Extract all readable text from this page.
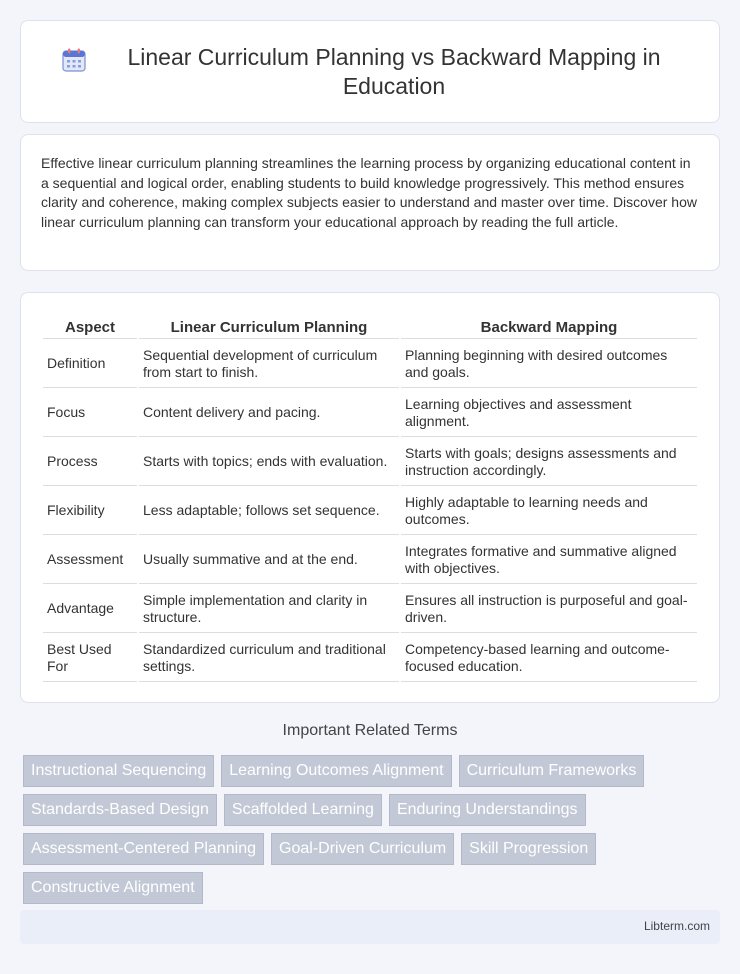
Linear Curriculum Planning vs Backward Mapping in Education

Effective linear curriculum planning streamlines the learning process by organizing educational content in a sequential and logical order, enabling students to build knowledge progressively. This method ensures clarity and coherence, making complex subjects easier to understand and master over time. Discover how linear curriculum planning can transform your educational approach by reading the full article.

Aspect	Linear Curriculum Planning	Backward Mapping
Definition	Sequential development of curriculum from start to finish.	Planning beginning with desired outcomes and goals.
Focus	Content delivery and pacing.	Learning objectives and assessment alignment.
Process	Starts with topics; ends with evaluation.	Starts with goals; designs assessments and instruction accordingly.
Flexibility	Less adaptable; follows set sequence.	Highly adaptable to learning needs and outcomes.
Assessment	Usually summative and at the end.	Integrates formative and summative aligned with objectives.
Advantage	Simple implementation and clarity in structure.	Ensures all instruction is purposeful and goal-driven.
Best Used For	Standardized curriculum and traditional settings.	Competency-based learning and outcome-focused education.
Important Related Terms
Instructional Sequencing	Learning Outcomes Alignment	Curriculum Frameworks
Standards-Based Design	Scaffolded Learning	Enduring Understandings
Assessment-Centered Planning	Goal-Driven Curriculum	Skill Progression
Constructive Alignment
Libterm.com
